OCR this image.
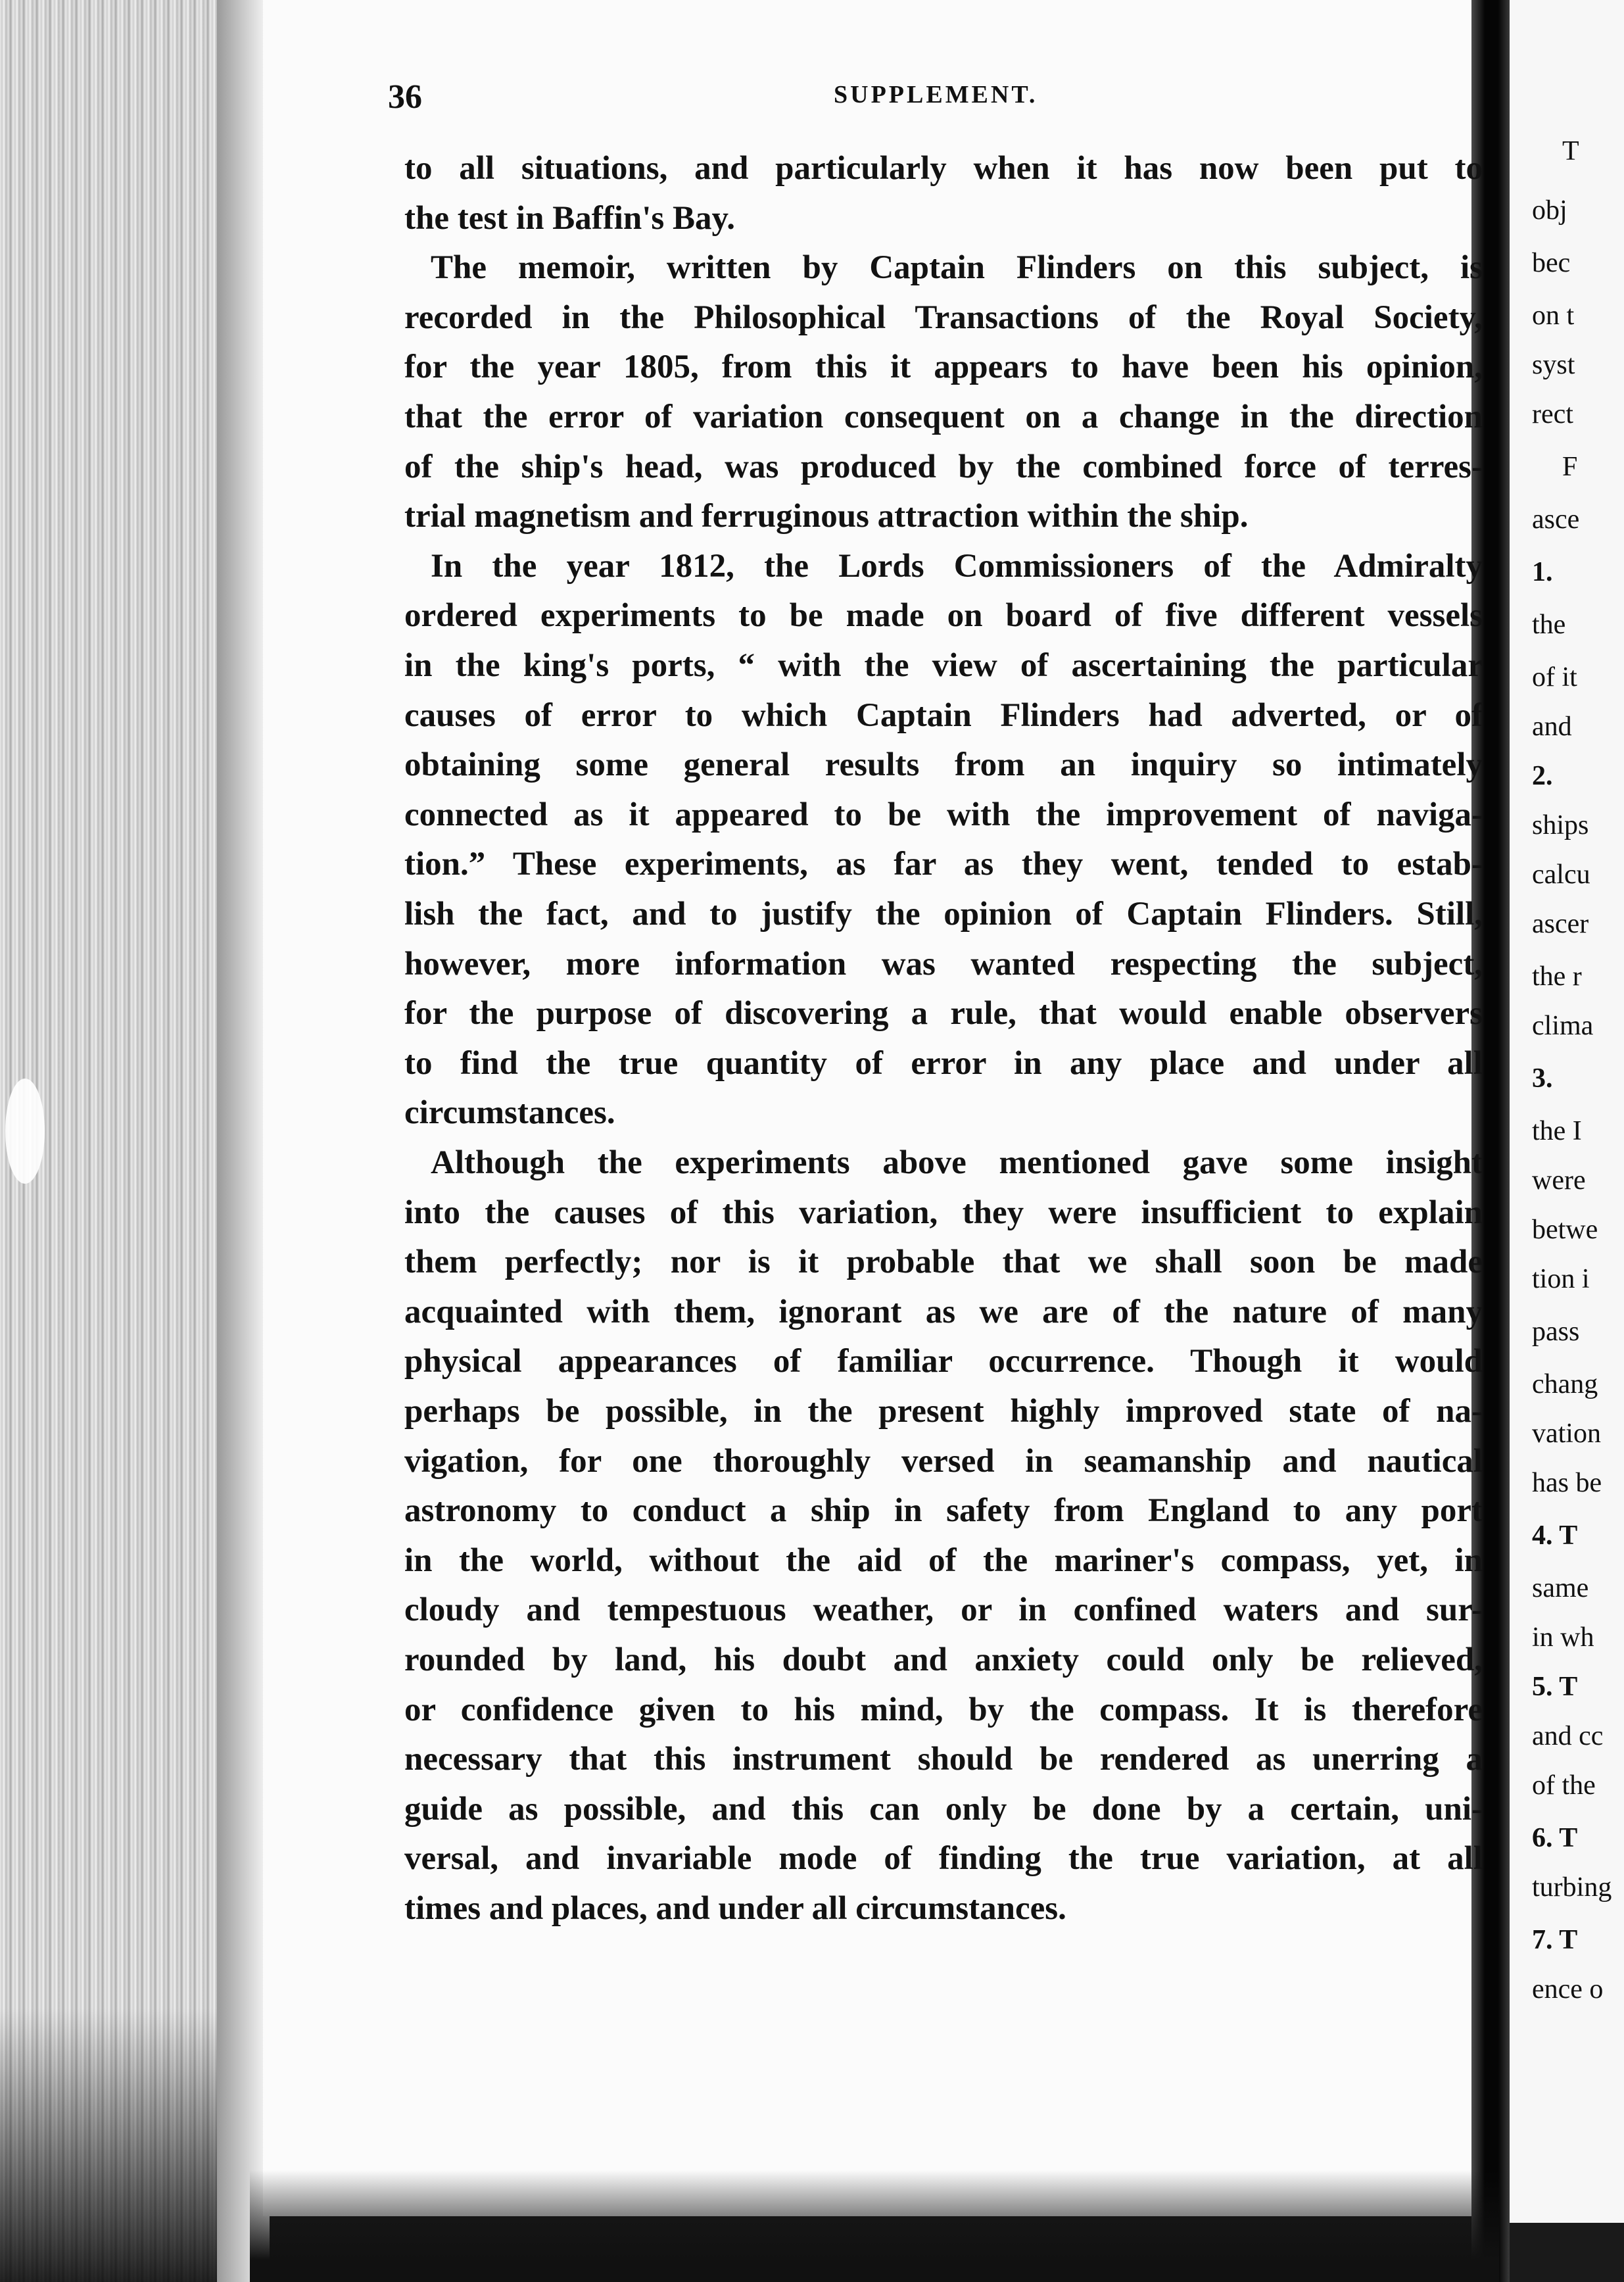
T
obj
bec
on t
syst
rect
F
asce
1.
the
of it
and
2.
ships
calcu
ascer
the r
clima
3.
the I
were
betwe
tion i
pass
chang
vation
has be
4. T
same
in wh
5. T
and cc
of the
6. T
turbing
7. T
ence o
36	SUPPLEMENT.
to all situations, and particularly when it has now been put to
the test in Baffin's Bay.
The memoir, written by Captain Flinders on this subject, is
recorded in the Philosophical Transactions of the Royal Society,
for the year 1805, from this it appears to have been his opinion,
that the error of variation consequent on a change in the direction
of the ship's head, was produced by the combined force of terres-
trial magnetism and ferruginous attraction within the ship.
In the year 1812, the Lords Commissioners of the Admiralty
ordered experiments to be made on board of five different vessels
in the king's ports, “ with the view of ascertaining the particular
causes of error to which Captain Flinders had adverted, or of
obtaining some general results from an inquiry so intimately
connected as it appeared to be with the improvement of naviga-
tion.” These experiments, as far as they went, tended to estab-
lish the fact, and to justify the opinion of Captain Flinders. Still,
however, more information was wanted respecting the subject,
for the purpose of discovering a rule, that would enable observers
to find the true quantity of error in any place and under all
circumstances.
Although the experiments above mentioned gave some insight
into the causes of this variation, they were insufficient to explain
them perfectly; nor is it probable that we shall soon be made
acquainted with them, ignorant as we are of the nature of many
physical appearances of familiar occurrence. Though it would
perhaps be possible, in the present highly improved state of na-
vigation, for one thoroughly versed in seamanship and nautical
astronomy to conduct a ship in safety from England to any port
in the world, without the aid of the mariner's compass, yet, in
cloudy and tempestuous weather, or in confined waters and sur-
rounded by land, his doubt and anxiety could only be relieved,
or confidence given to his mind, by the compass. It is therefore
necessary that this instrument should be rendered as unerring a
guide as possible, and this can only be done by a certain, uni-
versal, and invariable mode of finding the true variation, at all
times and places, and under all circumstances.
